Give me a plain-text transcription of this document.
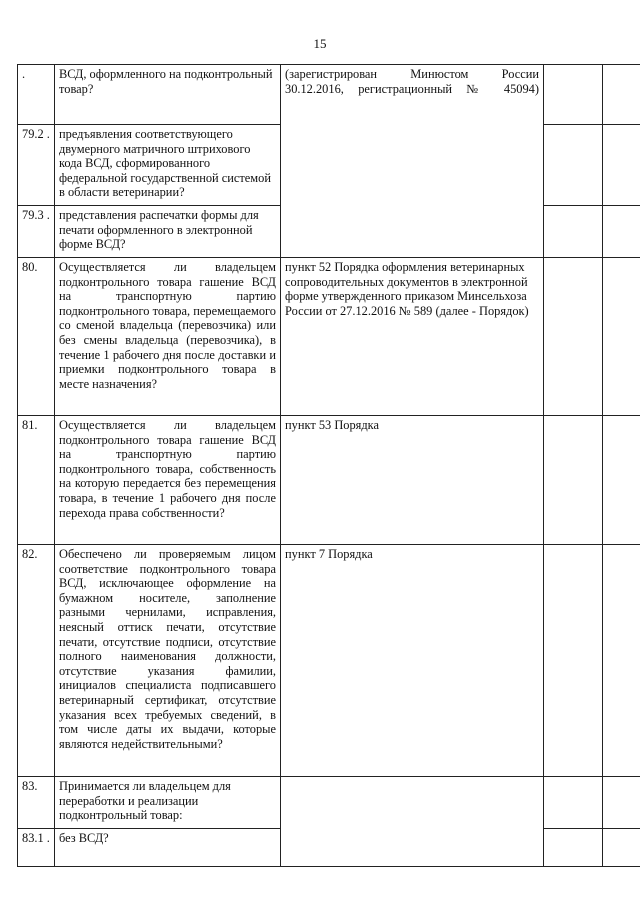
15
.	ВСД, оформленного на подконтрольный товар?	(зарегистрирован Минюстом России 30.12.2016, регистрационный № 45094)		
79.2 .	предъявления соответствующего двумерного матричного штрихового кода ВСД, сформированного федеральной государственной системой в области ветеринарии?			
79.3 .	представления распечатки формы для печати оформленного в электронной форме ВСД?			
80.	Осуществляется ли владельцем подконтрольного товара гашение ВСД на транспортную партию подконтрольного товара, перемещаемого со сменой владельца (перевозчика) или без смены владельца (перевозчика), в течение 1 рабочего дня после доставки и приемки подконтрольного товара в месте назначения?	пункт 52 Порядка оформления ветеринарных сопроводительных документов в электронной форме утвержденного приказом Минсельхоза России от 27.12.2016 № 589 (далее - Порядок)		
81.	Осуществляется ли владельцем подконтрольного товара гашение ВСД на транспортную партию подконтрольного товара, собственность на которую передается без перемещения товара, в течение 1 рабочего дня после перехода права собственности?	пункт 53 Порядка		
82.	Обеспечено ли проверяемым лицом соответствие подконтрольного товара ВСД, исключающее оформление на бумажном носителе, заполнение разными чернилами, исправления, неясный оттиск печати, отсутствие печати, отсутствие подписи, отсутствие полного наименования должности, отсутствие указания фамилии, инициалов специалиста подписавшего ветеринарный сертификат, отсутствие указания всех требуемых сведений, в том числе даты их выдачи, которые являются недействительными?	пункт 7 Порядка		
83.	Принимается ли владельцем для переработки и реализации подконтрольный товар:			
83.1 .	без ВСД?			
